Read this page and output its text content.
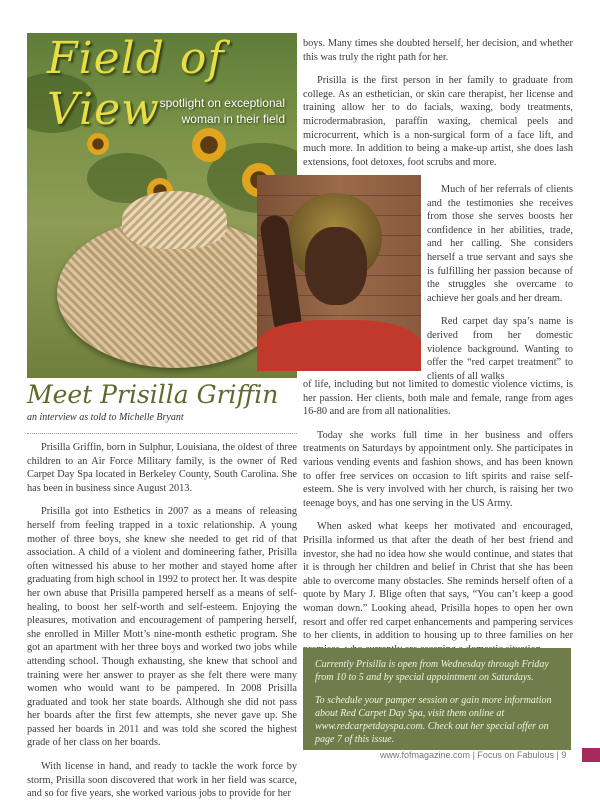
Field of View spotlight on exceptional
woman in their field
Meet Prisilla Griffin
an interview as told to Michelle Bryant

Prisilla Griffin, born in Sulphur, Louisiana, the oldest of three children to an Air Force Military family, is the owner of Red Carpet Day Spa located in Berkeley County, South Carolina. She has been in business since August 2013.

Prisilla got into Esthetics in 2007 as a means of releasing herself from feeling trapped in a toxic relationship. A young mother of three boys, she knew she needed to get rid of that association. A child of a violent and domineering father, Prisilla often witnessed his abuse to her mother and stayed home after graduating from high school in 1992 to protect her. It was despite her own abuse that Prisilla pampered herself as a means of self-healing, to boost her self-worth and self-esteem. Enjoying the pleasures, motivation and encouragement of pampering herself, she enrolled in Miller Mott’s nine-month esthetic program. She got an apartment with her three boys and worked two jobs while attending school. Though exhausting, she knew that school and training were her answer to prayer as she felt there were many women who would want to be pampered. In 2008 Prisilla graduated and took her state boards. Although she did not pass her boards after the first few attempts, she never gave up. She passed her boards in 2011 and was told she scored the highest grade of her class on her boards.

With license in hand, and ready to tackle the work force by storm, Prisilla soon discovered that work in her field was scarce, and so for five years, she worked various jobs to provide for her

boys. Many times she doubted herself, her decision, and whether this was truly the right path for her.

Prisilla is the first person in her family to graduate from college. As an esthetician, or skin care therapist, her license and training allow her to do facials, waxing, body treatments, microdermabrasion, paraffin waxing, chemical peels and microcurrent, which is a non-surgical form of a face lift, and much more. In addition to being a make-up artist, she does lash extensions, foot detoxes, foot scrubs and more.

Much of her referrals of clients and the testimonies she receives from those she serves boosts her confidence in her abilities, trade, and her calling. She considers herself a true servant and says she is fulfilling her passion because of the struggles she overcame to achieve her goals and her dream.

Red carpet day spa’s name is derived from her domestic violence background. Wanting to offer the “red carpet treatment” to clients of all walks

of life, including but not limited to domestic violence victims, is her passion. Her clients, both male and female, range from ages 16-80 and are from all nationalities.

Today she works full time in her business and offers treatments on Saturdays by appointment only. She participates in various vending events and fashion shows, and has been known to offer free services on occasion to lift spirits and raise self-esteem. She is very involved with her church, is raising her two teenage boys, and has one serving in the US Army.

When asked what keeps her motivated and encouraged, Prisilla informed us that after the death of her best friend and investor, she had no idea how she would continue, and states that it is through her children and belief in Christ that she has been able to overcome many obstacles. She reminds herself often of a quote by Mary J. Blige often that says, “You can’t keep a good woman down.” Looking ahead, Prisilla hopes to open her own resort and offer red carpet enhancements and pampering services to her clients, in addition to housing up to three families on her

Currently Prisilla is open from Wednesday through Friday from 10 to 5 and by special appointment on Saturdays.

To schedule your pamper session or gain more information about Red Carpet Day Spa, visit them online at www.redcarpetdayspa.com. Check out her special offer on page 7 of this issue.

www.fofmagazine.com | Focus on Fabulous | 9
